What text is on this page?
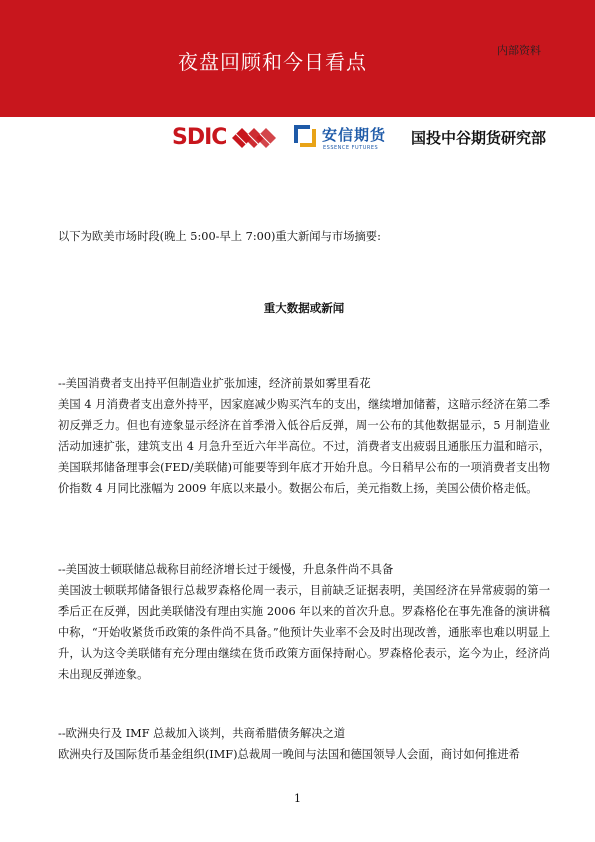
夜盘回顾和今日看点	内部资料
SDIC	安信期货
ESSENCE FUTURES
国投中谷期货研究部
以下为欧美市场时段(晚上 5:00-早上 7:00)重大新闻与市场摘要:
重大数据或新闻
--美国消费者支出持平但制造业扩张加速，经济前景如雾里看花
美国 4 月消费者支出意外持平，因家庭减少购买汽车的支出，继续增加储蓄，这暗示经济在第二季初反弹乏力。但也有迹象显示经济在首季滑入低谷后反弹，周一公布的其他数据显示，5 月制造业活动加速扩张，建筑支出 4 月急升至近六年半高位。不过，消费者支出疲弱且通胀压力温和暗示，美国联邦储备理事会(FED/美联储)可能要等到年底才开始升息。今日稍早公布的一项消费者支出物价指数 4 月同比涨幅为 2009 年底以来最小。数据公布后，美元指数上扬，美国公债价格走低。
--美国波士顿联储总裁称目前经济增长过于缓慢，升息条件尚不具备
美国波士顿联邦储备银行总裁罗森格伦周一表示，目前缺乏证据表明，美国经济在异常疲弱的第一季后正在反弹，因此美联储没有理由实施 2006 年以来的首次升息。罗森格伦在事先准备的演讲稿中称，“开始收紧货币政策的条件尚不具备。”他预计失业率不会及时出现改善，通胀率也难以明显上升，认为这令美联储有充分理由继续在货币政策方面保持耐心。罗森格伦表示，迄今为止，经济尚未出现反弹迹象。
--欧洲央行及 IMF 总裁加入谈判，共商希腊债务解决之道
欧洲央行及国际货币基金组织(IMF)总裁周一晚间与法国和德国领导人会面，商讨如何推进希
1
